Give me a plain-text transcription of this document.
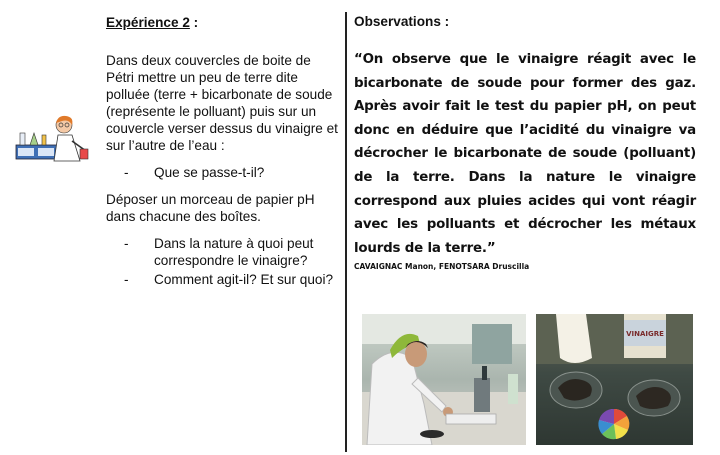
Expérience 2 :

Dans deux couvercles de boite de Pétri mettre un peu de terre dite polluée (terre + bicarbonate de soude (représente le polluant) puis sur un couvercle verser dessus du vinaigre et sur l’autre de l’eau :

- Que se passe-t-il?

Déposer un morceau de papier pH dans chacune des boîtes.

- Dans la nature à quoi peut correspondre le vinaigre?
- Comment agit-il? Et sur quoi?
Observations :

“On observe que le vinaigre réagit avec le bicarbonate de soude pour former des gaz. Après avoir fait le test du papier pH, on peut donc en déduire que l’acidité du vinaigre va décrocher le bicarbonate de soude (polluant) de la terre. Dans la nature le vinaigre correspond aux pluies acides qui vont réagir avec les polluants et décrocher les métaux lourds de la terre.”

CAVAIGNAC Manon, FENOTSARA Druscilla
VINAIGRE
